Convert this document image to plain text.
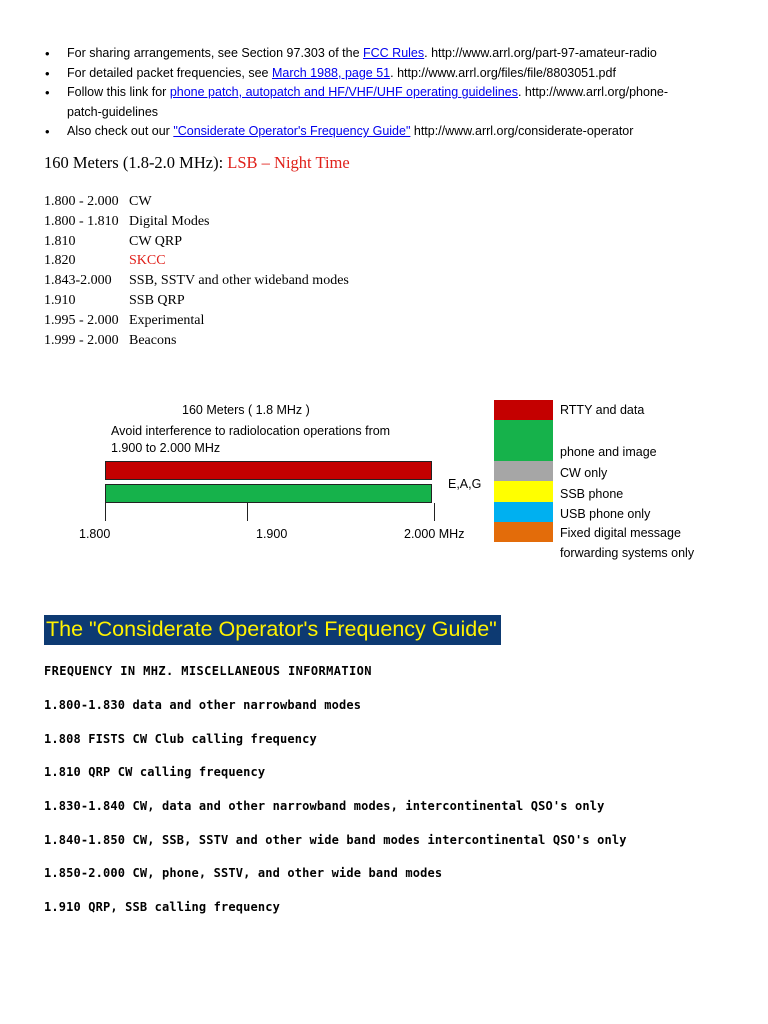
• For sharing arrangements, see Section 97.303 of the FCC Rules. http://www.arrl.org/part-97-amateur-radio
• For detailed packet frequencies, see March 1988, page 51. http://www.arrl.org/files/file/8803051.pdf
• Follow this link for phone patch, autopatch and HF/VHF/UHF operating guidelines. http://www.arrl.org/phone-patch-guidelines
• Also check out our "Considerate Operator's Frequency Guide" http://www.arrl.org/considerate-operator
160 Meters (1.8-2.0 MHz): LSB – Night Time
1.800 - 2.000 CW
1.800 - 1.810 Digital Modes
1.810	CW QRP
1.820	SKCC
1.843-2.000	SSB, SSTV and other wideband modes
1.910	SSB QRP
1.995 - 2.000 Experimental
1.999 - 2.000 Beacons
160 Meters ( 1.8 MHz )
Avoid interference to radiolocation operations from 1.900 to 2.000 MHz
1.800	1.900	2.000 MHz
E,A,G
RTTY and data
phone and image
CW only
SSB phone
USB phone only
Fixed digital message forwarding systems only
The "Considerate Operator's Frequency Guide"
FREQUENCY IN MHZ. MISCELLANEOUS INFORMATION
1.800-1.830 data and other narrowband modes
1.808 FISTS CW Club calling frequency
1.810 QRP CW calling frequency
1.830-1.840 CW, data and other narrowband modes, intercontinental QSO's only
1.840-1.850 CW, SSB, SSTV and other wide band modes intercontinental QSO's only
1.850-2.000 CW, phone, SSTV, and other wide band modes
1.910 QRP, SSB calling frequency
